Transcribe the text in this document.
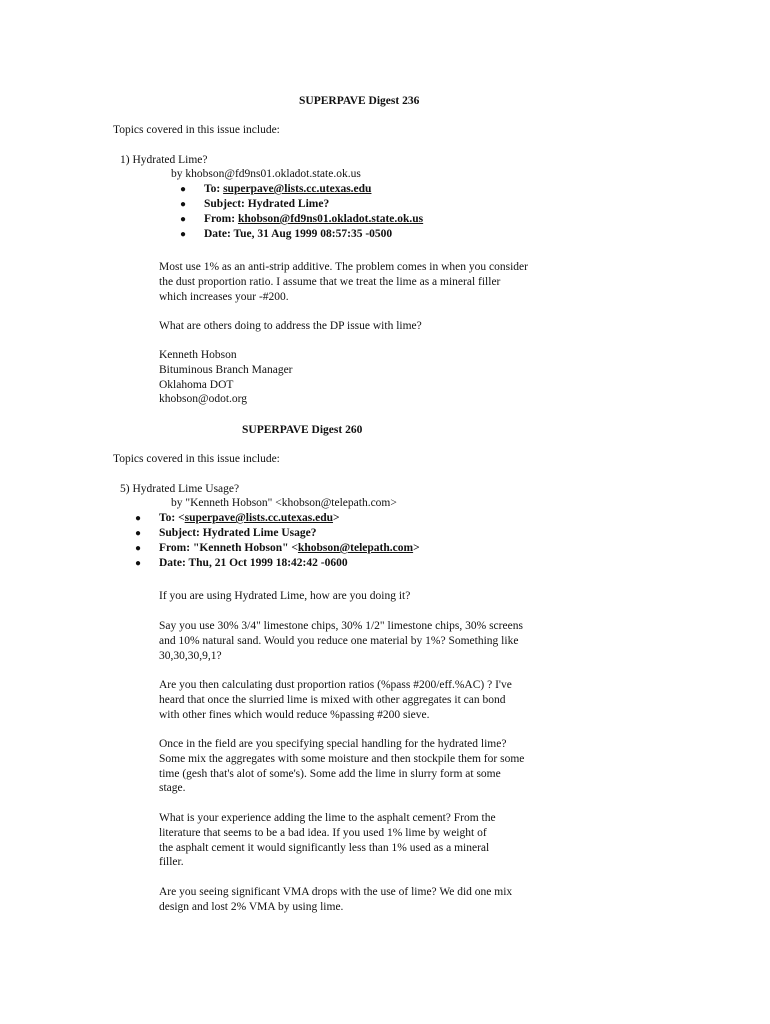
SUPERPAVE Digest 236
Topics covered in this issue include:
1) Hydrated Lime?
by khobson@fd9ns01.okladot.state.ok.us
● To: superpave@lists.cc.utexas.edu
● Subject: Hydrated Lime?
● From: khobson@fd9ns01.okladot.state.ok.us
● Date: Tue, 31 Aug 1999 08:57:35 -0500
Most use 1% as an anti-strip additive. The problem comes in when you consider
the dust proportion ratio. I assume that we treat the lime as a mineral filler
which increases your -#200.
What are others doing to address the DP issue with lime?
Kenneth Hobson
Bituminous Branch Manager
Oklahoma DOT
khobson@odot.org
SUPERPAVE Digest 260
Topics covered in this issue include:
5) Hydrated Lime Usage?
by "Kenneth Hobson" <khobson@telepath.com>
● To: <superpave@lists.cc.utexas.edu>
● Subject: Hydrated Lime Usage?
● From: "Kenneth Hobson" <khobson@telepath.com>
● Date: Thu, 21 Oct 1999 18:42:42 -0600
If you are using Hydrated Lime, how are you doing it?
Say you use 30% 3/4" limestone chips, 30% 1/2" limestone chips, 30% screens
and 10% natural sand. Would you reduce one material by 1%? Something like
30,30,30,9,1?
Are you then calculating dust proportion ratios (%pass #200/eff.%AC) ? I've
heard that once the slurried lime is mixed with other aggregates it can bond
with other fines which would reduce %passing #200 sieve.
Once in the field are you specifying special handling for the hydrated lime?
Some mix the aggregates with some moisture and then stockpile them for some
time (gesh that's alot of some's). Some add the lime in slurry form at some
stage.
What is your experience adding the lime to the asphalt cement? From the
literature that seems to be a bad idea. If you used 1% lime by weight of
the asphalt cement it would significantly less than 1% used as a mineral
filler.
Are you seeing significant VMA drops with the use of lime? We did one mix
design and lost 2% VMA by using lime.
